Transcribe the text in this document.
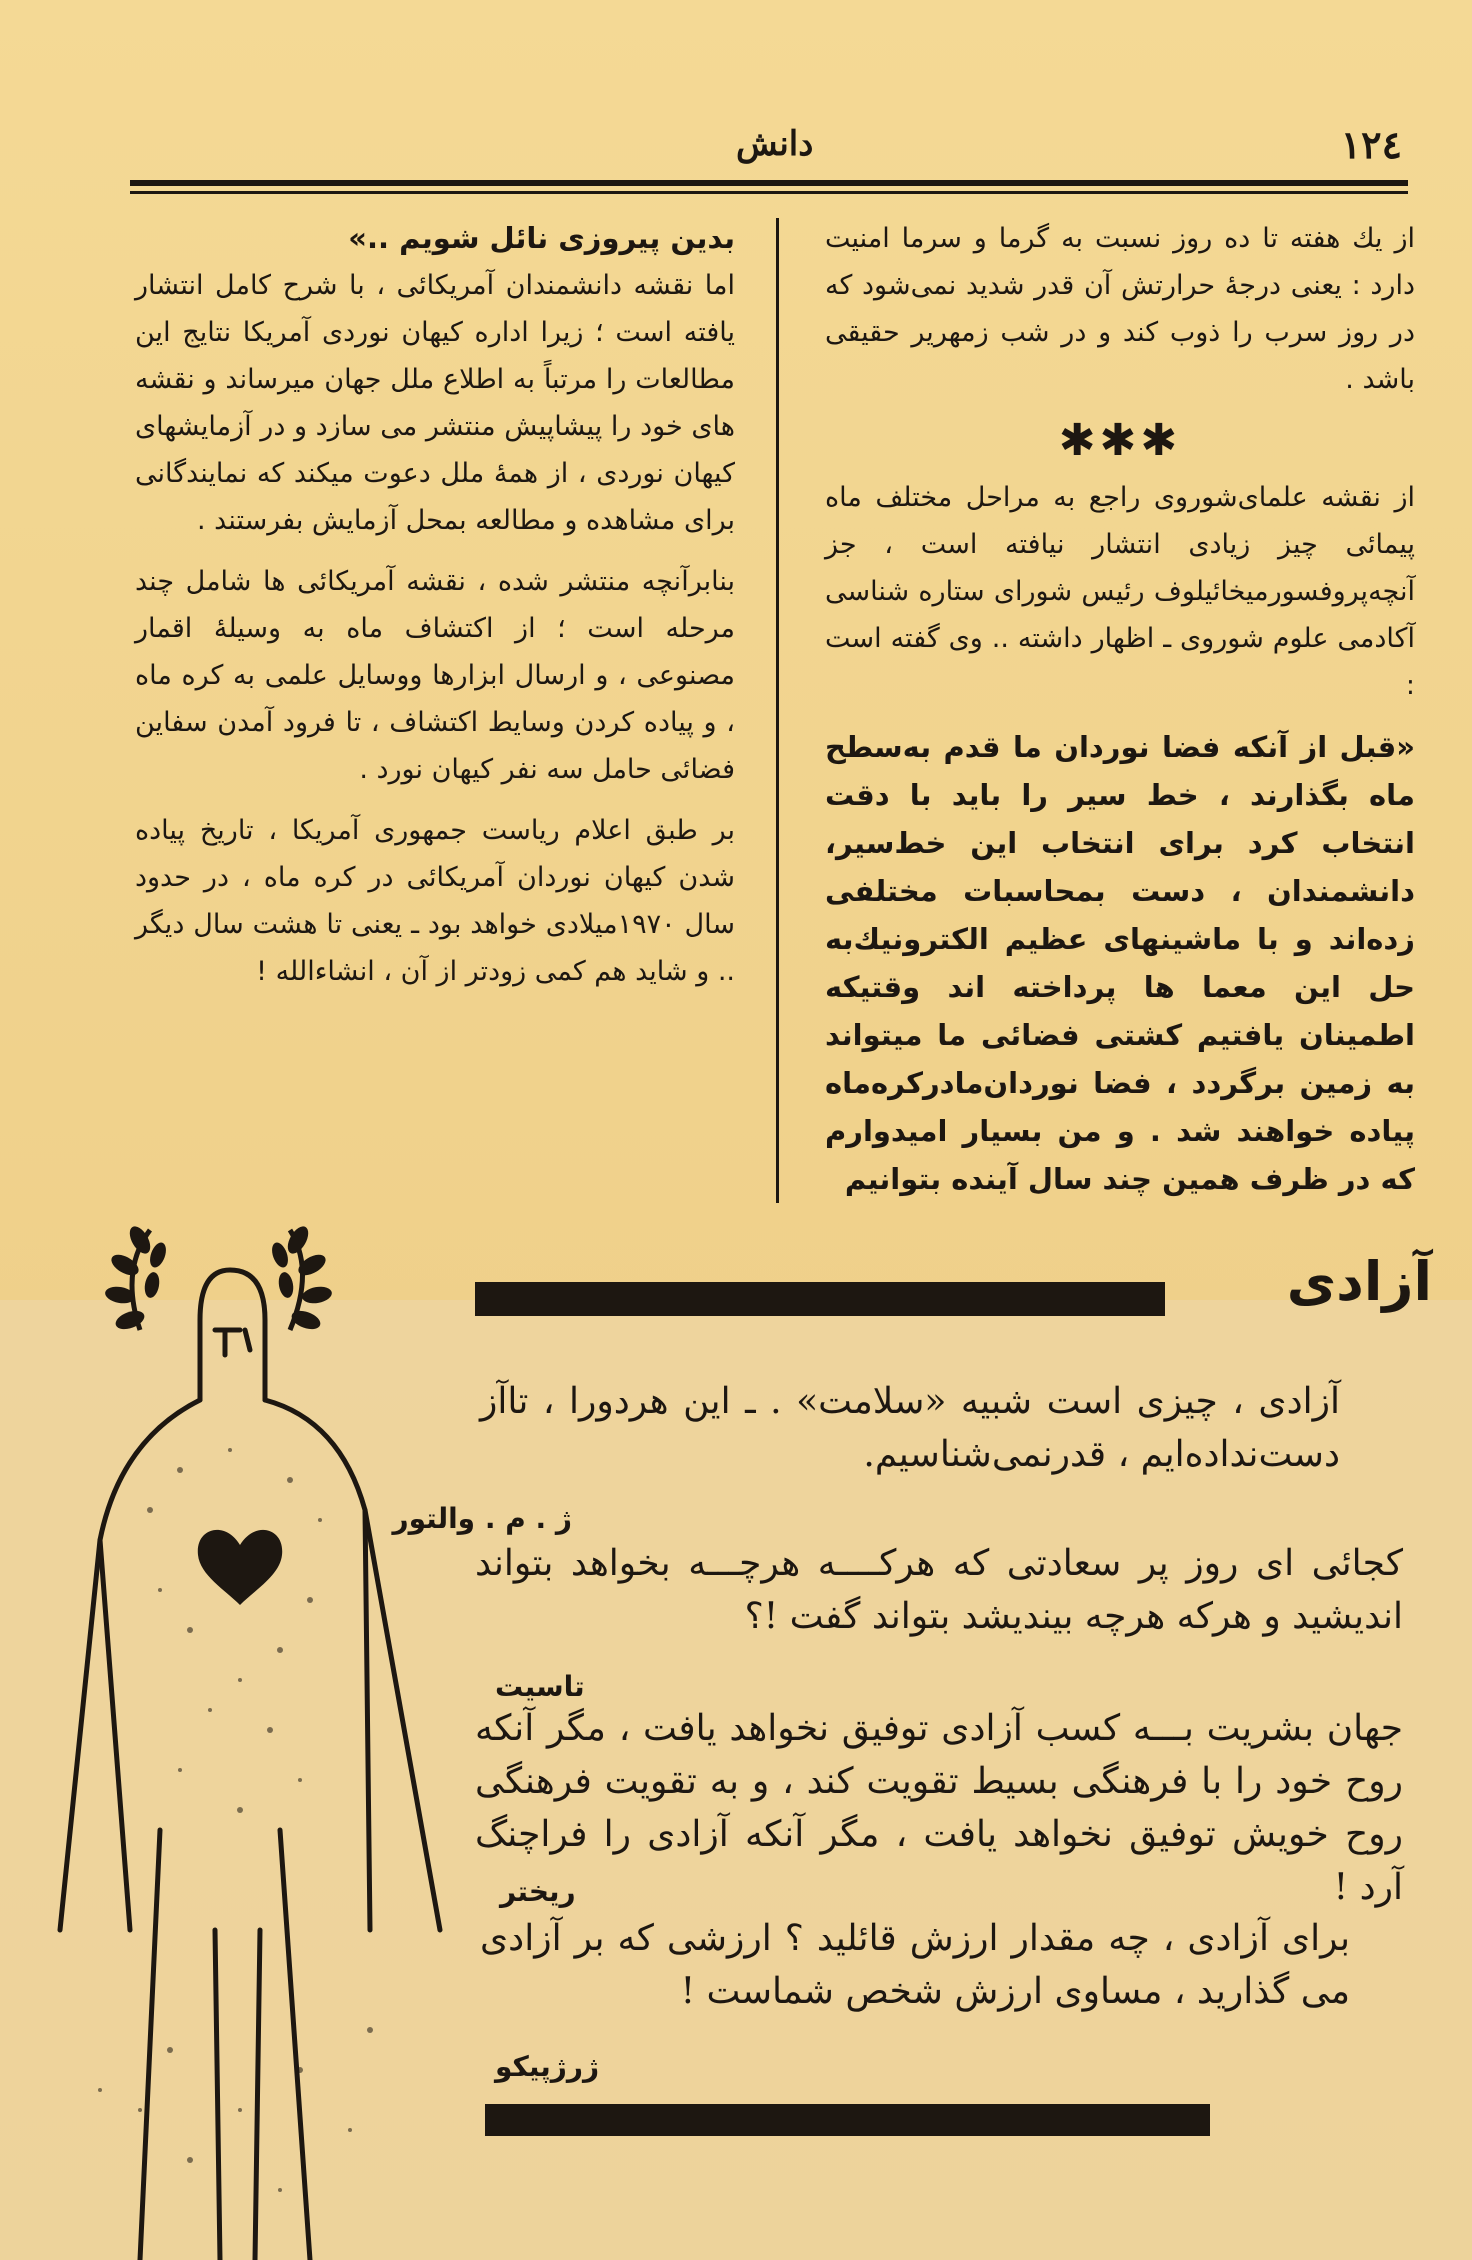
۱۲٤
دانش

از یك هفته تا ده روز نسبت به گرما و سرما امنیت دارد : یعنی درجهٔ حرارتش آن قدر شدید نمی‌شود که در روز سرب را ذوب کند و در شب زمهریر حقیقی باشد .

✱✱✱

از نقشه علمای‌شوروی راجع به مراحل مختلف ماه پیمائی چیز زیادی انتشار نیافته است ، جز آنچه‌پروفسورمیخائیلوف رئیس شورای ستاره شناسی آکادمی علوم شوروی ـ اظهار داشته .. وی گفته است :

«قبل از آنکه فضا نوردان ما قدم به‌سطح ماه بگذارند ، خط سیر را باید با دقت انتخاب کرد برای انتخاب این خط‌سیر، دانشمندان ، دست بمحاسبات مختلفی زده‌اند و با ماشینهای عظیم الکترونیك‌به حل این معما ها پرداخته اند وقتیکه اطمینان یافتیم کشتی فضائی ما میتواند به زمین برگردد ، فضا نوردان‌مادرکره‌ماه پیاده خواهند شد . و من بسیار امیدوارم که در ظرف همین چند سال آینده بتوانیم

بدین پیروزی نائل شویم ..»

اما نقشه دانشمندان آمریکائی ، با شرح کامل انتشار یافته است ؛ زیرا اداره کیهان نوردی آمریکا نتایج این مطالعات را مرتباً به اطلاع ملل جهان میرساند و نقشه های خود را پیشاپیش منتشر می سازد و در آزمایشهای کیهان نوردی ، از همهٔ ملل دعوت میکند که نمایندگانی برای مشاهده و مطالعه بمحل آزمایش بفرستند .

بنابرآنچه منتشر شده ، نقشه آمریکائی ها شامل چند مرحله است ؛ از اکتشاف ماه به وسیلهٔ اقمار مصنوعی ، و ارسال ابزارها ووسایل علمی به کره ماه ، و پیاده کردن وسایط اکتشاف ، تا فرود آمدن سفاین فضائی حامل سه نفر کیهان نورد .

بر طبق اعلام ریاست جمهوری آمریکا ، تاریخ پیاده شدن کیهان نوردان آمریکائی در کره ماه ، در حدود سال ۱۹۷۰میلادی خواهد بود ـ یعنی تا هشت سال دیگر .. و شاید هم کمی زودتر از آن ، انشاءالله !

آزادی

آزادی ، چیزی است شبیه «سلامت» . ـ این هردورا ، تاآز دست‌نداده‌ایم ، قدرنمی‌شناسیم.

ژ . م . والتور

کجائی ای روز پر سعادتی که هرکــــه هرچـــه بخواهد بتواند اندیشید و هرکه هرچه بیندیشد بتواند گفت !؟

تاسیت

جهان بشریت بـــه کسب آزادی توفیق نخواهد یافت ، مگر آنکه روح خود را با فرهنگی بسیط تقویت کند ، و به تقویت فرهنگی روح خویش توفیق نخواهد یافت ، مگر آنکه آزادی را فراچنگ آرد !

ریختر

برای آزادی ، چه مقدار ارزش قائلید ؟ ارزشی که بر آزادی می گذارید ، مساوی ارزش شخص شماست !

ژرژپیکو
